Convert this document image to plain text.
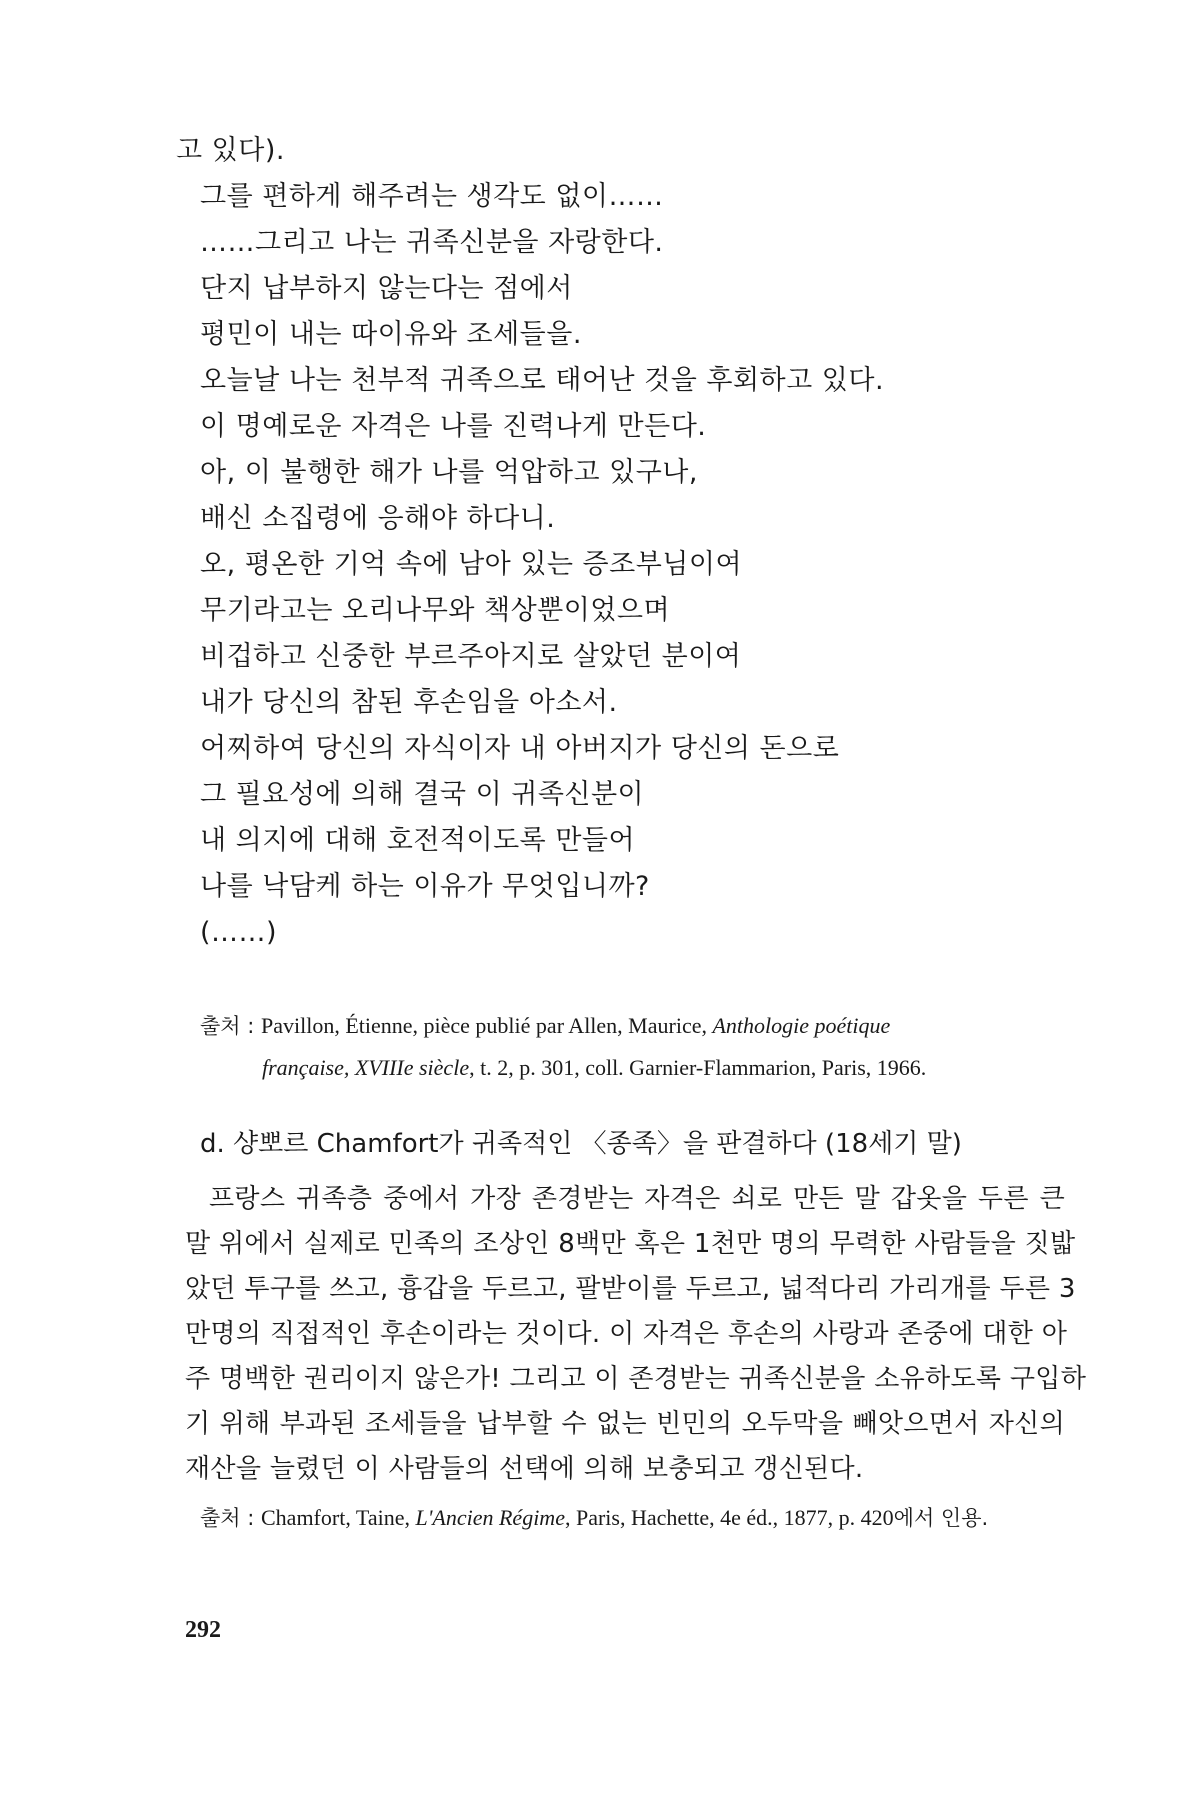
고 있다).
그를 편하게 해주려는 생각도 없이……
……그리고 나는 귀족신분을 자랑한다.
단지 납부하지 않는다는 점에서
평민이 내는 따이유와 조세들을.
오늘날 나는 천부적 귀족으로 태어난 것을 후회하고 있다.
이 명예로운 자격은 나를 진력나게 만든다.
아, 이 불행한 해가 나를 억압하고 있구나,
배신 소집령에 응해야 하다니.
오, 평온한 기억 속에 남아 있는 증조부님이여
무기라고는 오리나무와 책상뿐이었으며
비겁하고 신중한 부르주아지로 살았던 분이여
내가 당신의 참된 후손임을 아소서.
어찌하여 당신의 자식이자 내 아버지가 당신의 돈으로
그 필요성에 의해 결국 이 귀족신분이
내 의지에 대해 호전적이도록 만들어
나를 낙담케 하는 이유가 무엇입니까?
(……)
출처 : Pavillon, Étienne, pièce publié par Allen, Maurice, Anthologie poétique
française, XVIIIe siècle, t. 2, p. 301, coll. Garnier-Flammarion, Paris, 1966.
d. 샹뽀르 Chamfort가 귀족적인 〈종족〉을 판결하다 (18세기 말)
프랑스 귀족층 중에서 가장 존경받는 자격은 쇠로 만든 말 갑옷을 두른 큰
말 위에서 실제로 민족의 조상인 8백만 혹은 1천만 명의 무력한 사람들을 짓밟
았던 투구를 쓰고, 흉갑을 두르고, 팔받이를 두르고, 넓적다리 가리개를 두른 3
만명의 직접적인 후손이라는 것이다. 이 자격은 후손의 사랑과 존중에 대한 아
주 명백한 권리이지 않은가! 그리고 이 존경받는 귀족신분을 소유하도록 구입하
기 위해 부과된 조세들을 납부할 수 없는 빈민의 오두막을 빼앗으면서 자신의
재산을 늘렸던 이 사람들의 선택에 의해 보충되고 갱신된다.
출처 : Chamfort, Taine, L'Ancien Régime, Paris, Hachette, 4e éd., 1877, p. 420에서 인용.
292
